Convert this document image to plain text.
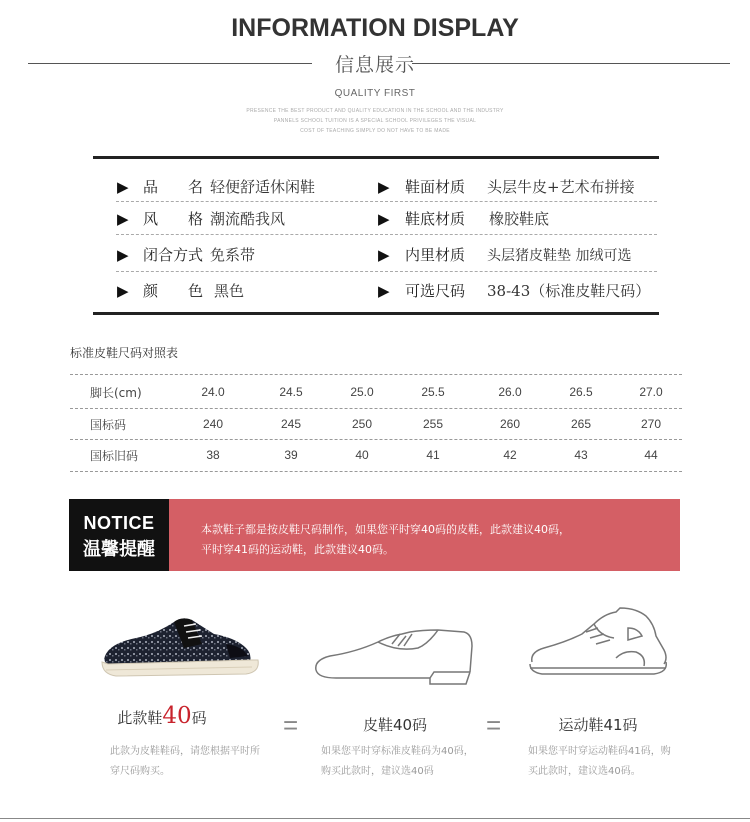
INFORMATION DISPLAY
信息展示
QUALITY FIRST
PRESENCE THE BEST PRODUCT AND QUALITY EDUCATION IN THE SCHOOL AND THE INDUSTRY
PANNELS SCHOOL TUITION IS A SPECIAL SCHOOL PRIVILEGES THE VISUAL
COST OF TEACHING SIMPLY DO NOT HAVE TO BE MADE
▶ 品　　名 轻便舒适休闲鞋	▶ 鞋面材质 头层牛皮+艺术布拼接
▶ 风　　格 潮流酷我风	▶ 鞋底材质 橡胶鞋底
▶ 闭合方式 免系带	▶ 内里材质 头层猪皮鞋垫 加绒可选
▶ 颜　　色 黑色	▶ 可选尺码 38-43（标准皮鞋尺码）
标准皮鞋尺码对照表
脚长(cm)	24.0	24.5	25.0	25.5	26.0	26.5	27.0
国标码	240	245	250	255	260	265	270
国标旧码	38	39	40	41	42	43	44
NOTICE
温馨提醒
本款鞋子都是按皮鞋尺码制作，如果您平时穿40码的皮鞋，此款建议40码，
平时穿41码的运动鞋，此款建议40码。
此款鞋40码	=	皮鞋40码	=	运动鞋41码
此款为皮鞋鞋码，请您根据平时所
穿尺码购买。
如果您平时穿标准皮鞋码为40码，
购买此款时，建议选40码
如果您平时穿运动鞋码41码，购
买此款时，建议选40码。
